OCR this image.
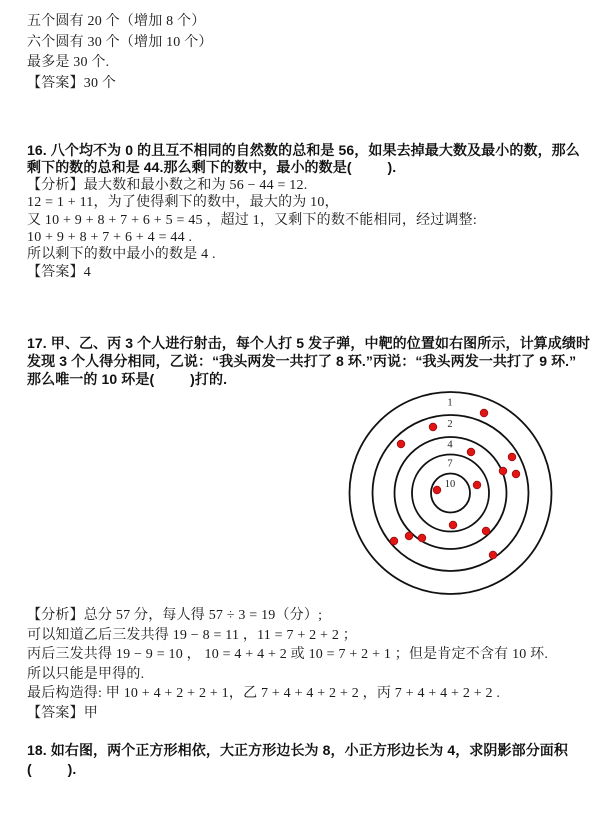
五个圆有 20 个（增加 8 个）
六个圆有 30 个（增加 10 个）
最多是 30 个.
【答案】30 个
16. 八个均不为 0 的且互不相同的自然数的总和是 56，如果去掉最大数及最小的数，那么
剩下的数的总和是 44.那么剩下的数中，最小的数是(         ).
【分析】最大数和最小数之和为 56 − 44 = 12.
12 = 1 + 11，为了使得剩下的数中，最大的为 10，
又 10 + 9 + 8 + 7 + 6 + 5 = 45 ，超过 1，又剩下的数不能相同，经过调整:
10 + 9 + 8 + 7 + 6 + 4 = 44 .
所以剩下的数中最小的数是 4 .
【答案】4
17. 甲、乙、丙 3 个人进行射击，每个人打 5 发子弹，中靶的位置如右图所示，计算成绩时
发现 3 个人得分相同，乙说：“我头两发一共打了 8 环.”丙说：“我头两发一共打了 9 环.”
那么唯一的 10 环是(         )打的.
1
2
4
7
10
【分析】总分 57 分，每人得 57 ÷ 3 = 19（分）;
可以知道乙后三发共得 19 − 8 = 11 ，11 = 7 + 2 + 2 ；
丙后三发共得 19 − 9 = 10 ， 10 = 4 + 4 + 2 或 10 = 7 + 2 + 1 ；但是肯定不含有 10 环.
所以只能是甲得的.
最后构造得: 甲 10 + 4 + 2 + 2 + 1，乙 7 + 4 + 4 + 2 + 2 ，丙 7 + 4 + 4 + 2 + 2 .
【答案】甲
18. 如右图，两个正方形相依，大正方形边长为 8，小正方形边长为 4，求阴影部分面积
(         ).
